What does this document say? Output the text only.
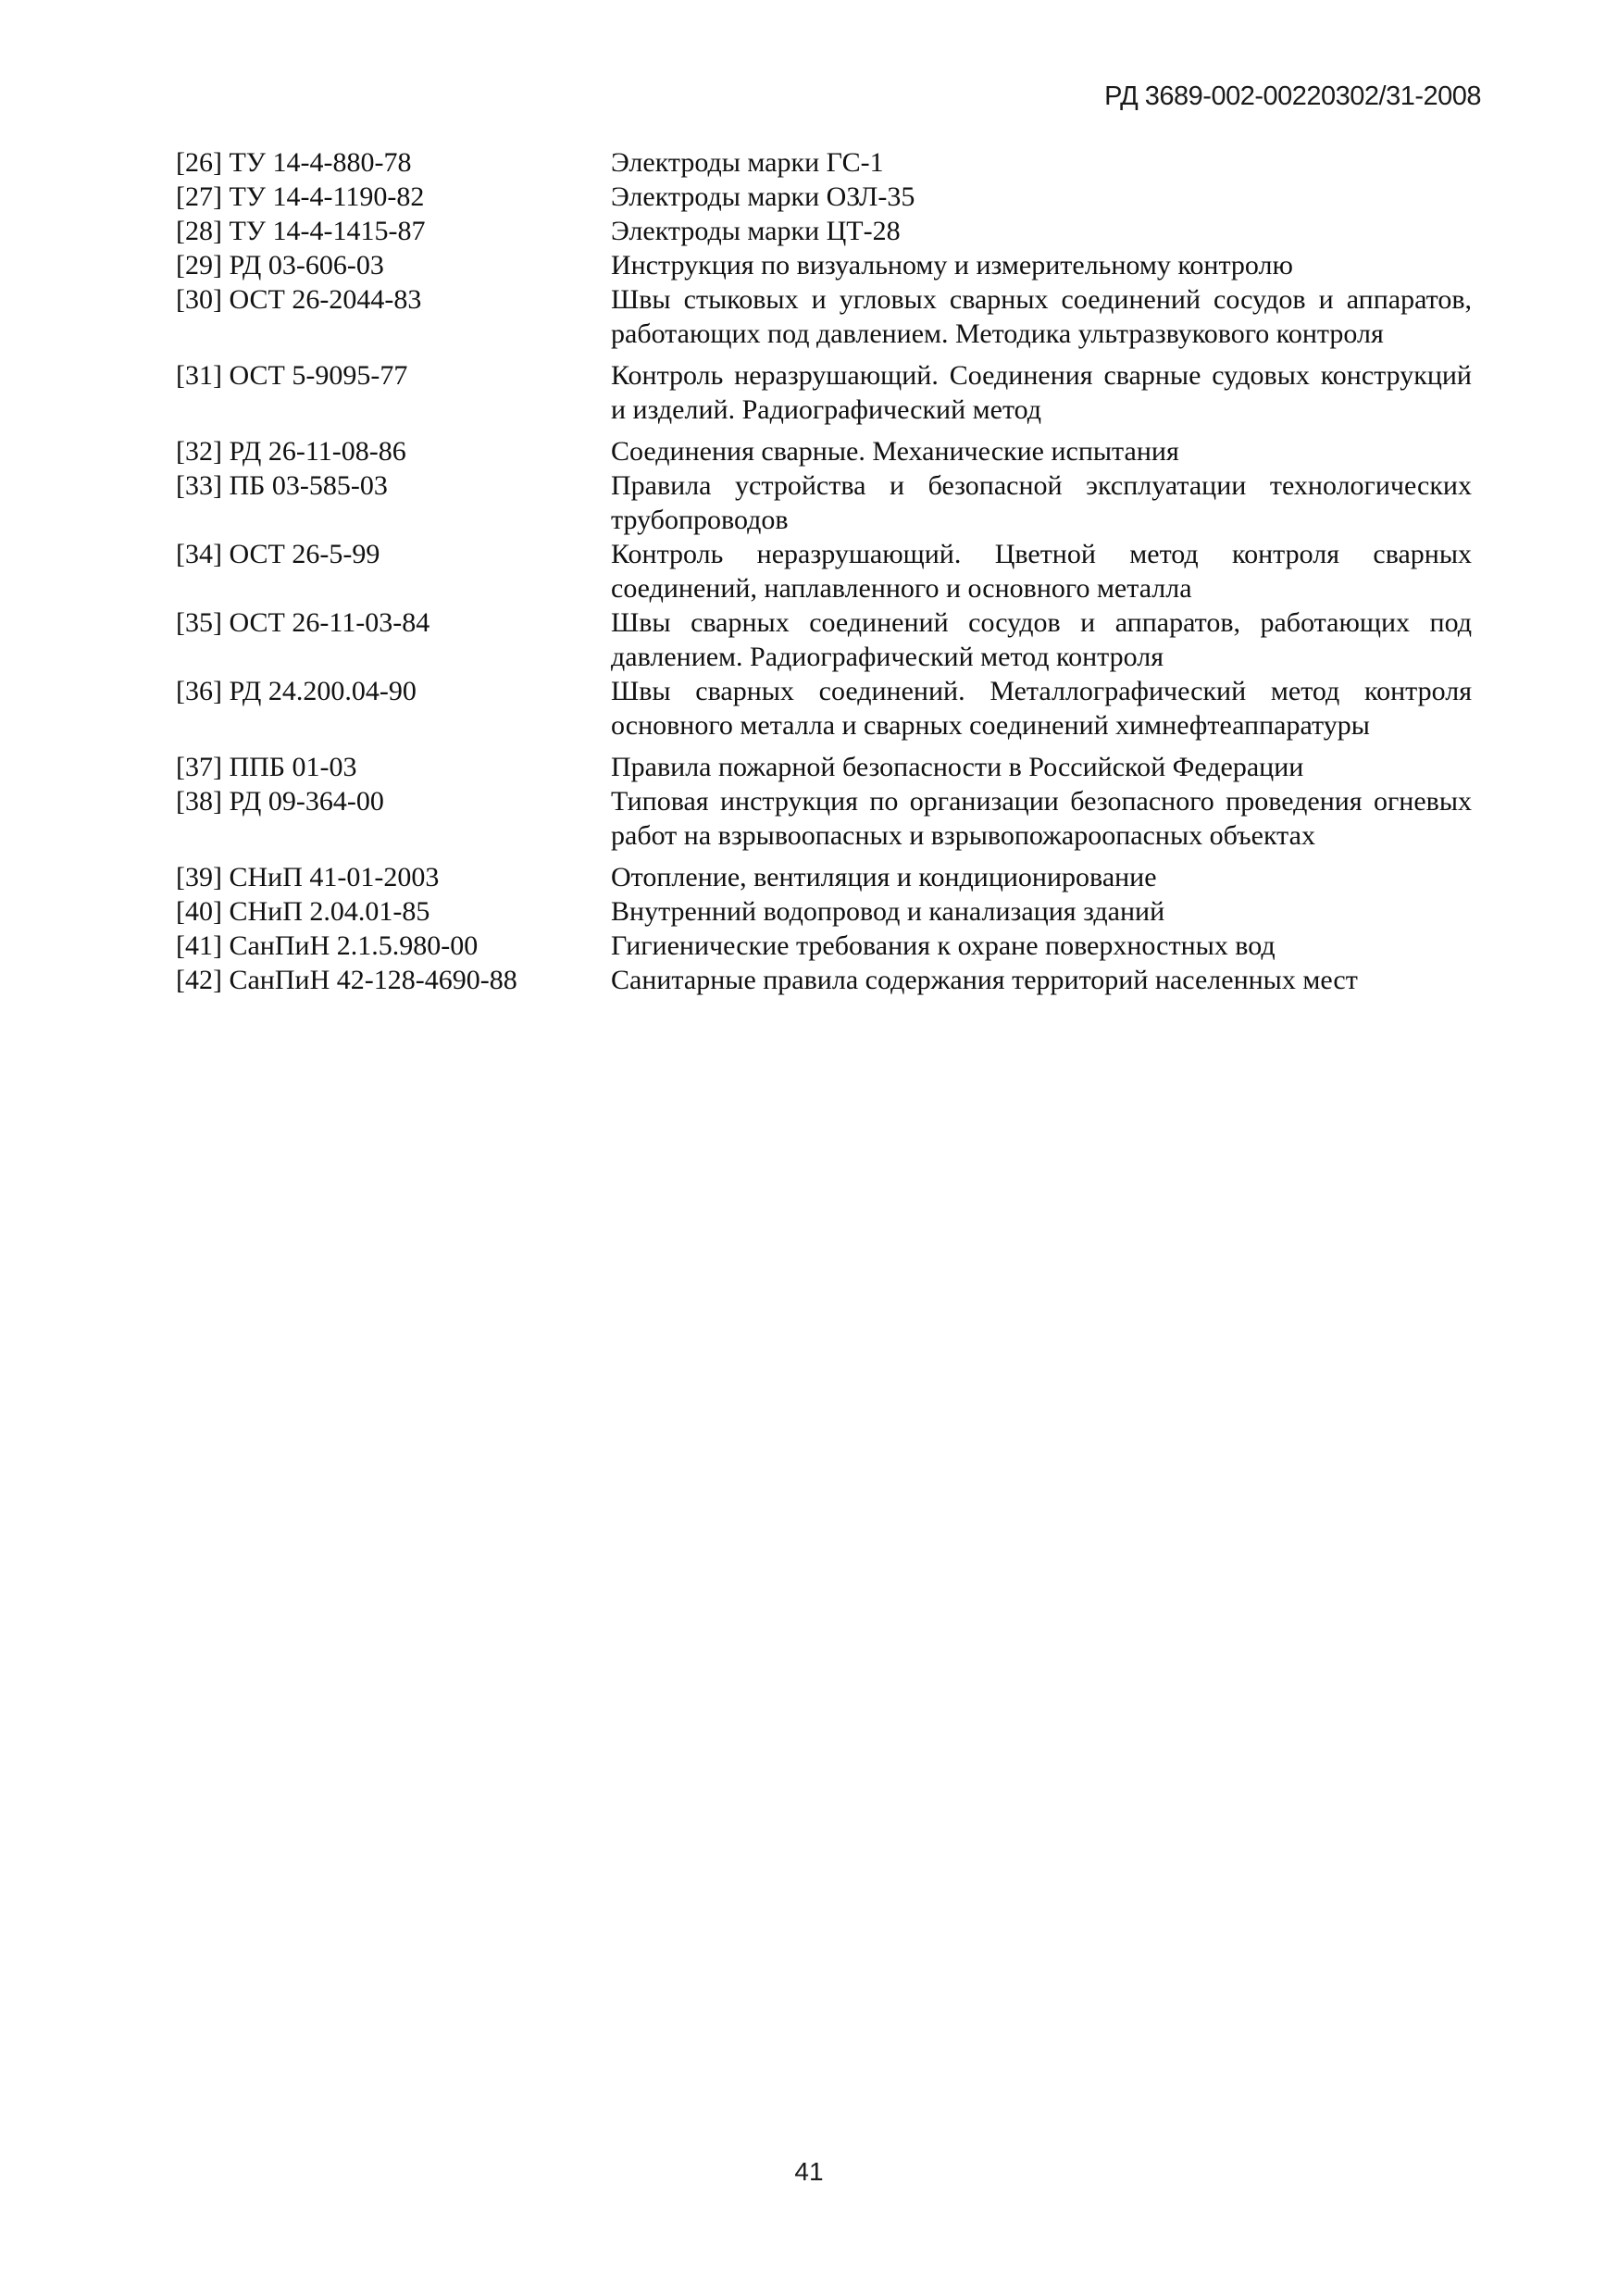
РД 3689-002-00220302/31-2008
[26] ТУ 14-4-880-78	Электроды марки ГС-1
[27] ТУ 14-4-1190-82	Электроды марки ОЗЛ-35
[28] ТУ 14-4-1415-87	Электроды марки ЦТ-28
[29] РД 03-606-03	Инструкция по визуальному и измерительному контролю
[30] ОСТ 26-2044-83	Швы стыковых и угловых сварных соединений сосудов и аппаратов, работающих под давлением. Методика ультразвукового контроля
[31] ОСТ 5-9095-77	Контроль неразрушающий. Соединения сварные судовых конструкций и изделий. Радиографический метод
[32] РД 26-11-08-86	Соединения сварные. Механические испытания
[33] ПБ 03-585-03	Правила устройства и безопасной эксплуатации технологических трубопроводов
[34] ОСТ 26-5-99	Контроль неразрушающий. Цветной метод контроля сварных соединений, наплавленного и основного металла
[35] ОСТ 26-11-03-84	Швы сварных соединений сосудов и аппаратов, работающих под давлением. Радиографический метод контроля
[36] РД 24.200.04-90	Швы сварных соединений. Металлографический метод контроля основного металла и сварных соединений химнефтеаппаратуры
[37] ППБ 01-03	Правила пожарной безопасности в Российской Федерации
[38] РД 09-364-00	Типовая инструкция по организации безопасного проведения огневых работ на взрывоопасных и взрывопожароопасных объектах
[39] СНиП 41-01-2003	Отопление, вентиляция и кондиционирование
[40] СНиП 2.04.01-85	Внутренний водопровод и канализация зданий
[41] СанПиН 2.1.5.980-00	Гигиенические требования к охране поверхностных вод
[42] СанПиН 42-128-4690-88	Санитарные правила содержания территорий населенных мест
41
